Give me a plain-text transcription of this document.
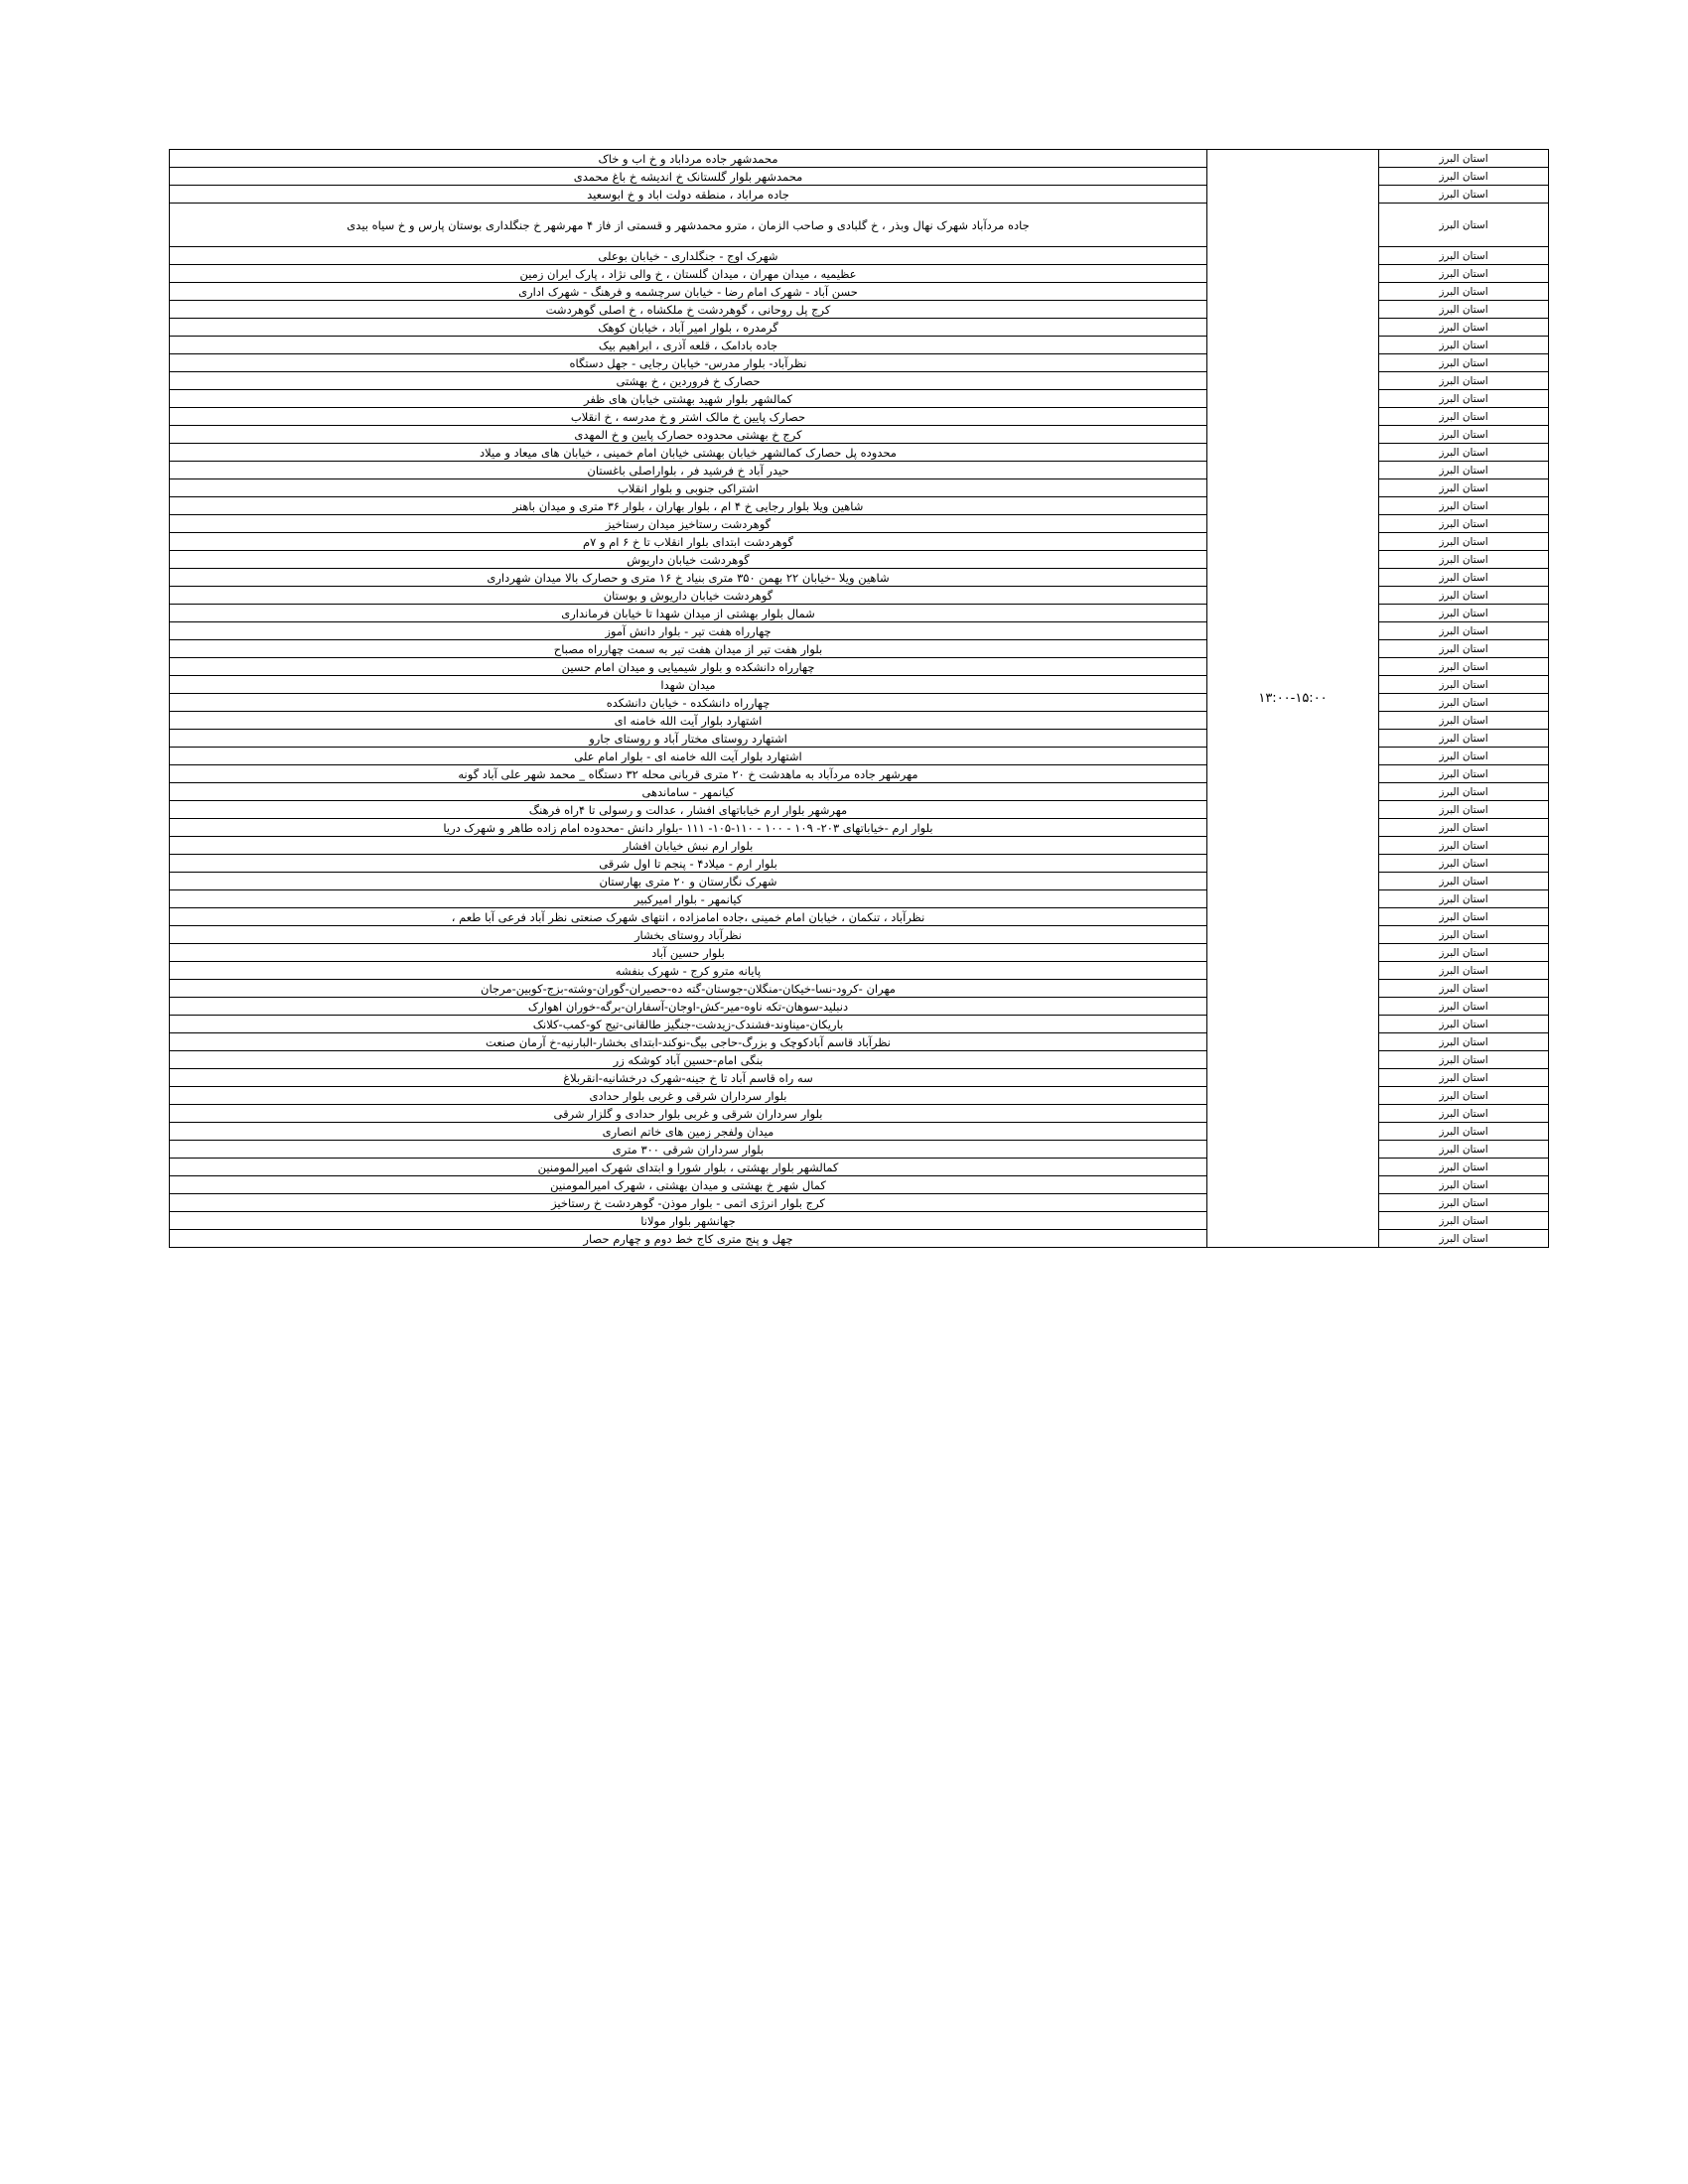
استان البرز	۱۳:۰۰-۱۵:۰۰	محمدشهر جاده مرداباد و خ اب و خاک
استان البرز		محمدشهر بلوار گلستانک خ اندیشه خ باغ محمدی
استان البرز		جاده مراباد ، منطقه دولت اباد و خ ابوسعید
استان البرز		جاده مردآباد شهرک نهال وبذر ، خ گلبادی و صاحب الزمان ، مترو محمدشهر و قسمتی از فاز ۴ مهرشهر خ جنگلداری بوستان پارس و خ سیاه بیدی
استان البرز		شهرک اوج - جنگلداری - خیابان بوعلی
استان البرز		عظیمیه ، میدان مهران ، میدان گلستان ، خ والی نژاد ، پارک ایران زمین
استان البرز		حسن آباد - شهرک امام رضا - خیابان سرچشمه و فرهنگ - شهرک اداری
استان البرز		کرج پل روحانی ، گوهردشت خ ملکشاه ، خ اصلی گوهردشت
استان البرز		گرمدره ، بلوار امیر آباد ، خیابان کوهک
استان البرز		جاده بادامک ، قلعه آذری ، ابراهیم بیک
استان البرز		نظرآباد- بلوار مدرس- خیابان رجایی - جهل دستگاه
استان البرز		حصارک خ فروردین ، خ بهشتی
استان البرز		کمالشهر بلوار شهید بهشتی خیابان های ظفر
استان البرز		حصارک پایین خ مالک اشتر و خ مدرسه ، خ انقلاب
استان البرز		کرج خ بهشتی محدوده حصارک پایین و خ المهدی
استان البرز		محدوده پل حصارک کمالشهر خیابان بهشتی خیابان امام خمینی ، خیابان های میعاد و میلاد
استان البرز		حیدر آباد خ فرشید فر ، بلواراصلی باغستان
استان البرز		اشتراکی جنوبی و بلوار انقلاب
استان البرز		شاهین ویلا بلوار رجایی خ ۴ ام ، بلوار بهاران ، بلوار ۳۶ متری و میدان باهنر
استان البرز		گوهردشت رستاخیز میدان رستاخیز
استان البرز		گوهردشت ابتدای بلوار انقلاب تا خ ۶ ام و ۷م
استان البرز		گوهردشت خیابان داریوش
استان البرز		شاهین ویلا -خیابان ۲۲ بهمن ۳۵۰ متری بنیاد خ ۱۶ متری و حصارک بالا میدان شهرداری
استان البرز		گوهردشت خیابان داریوش و بوستان
استان البرز		شمال بلوار بهشتی از میدان شهدا تا خیابان فرمانداری
استان البرز		چهارراه هفت تیر - بلوار دانش آموز
استان البرز		بلوار هفت تیر از میدان هفت تیر به سمت چهارراه مصباح
استان البرز		چهارراه دانشکده و بلوار شیمیایی و میدان امام حسین
استان البرز		میدان شهدا
استان البرز		چهارراه دانشکده - خیابان دانشکده
استان البرز		اشتهارد بلوار آیت الله خامنه ای
استان البرز		اشتهارد روستای مختار آباد و روستای جارو
استان البرز		اشتهارد بلوار آیت الله خامنه ای - بلوار امام علی
استان البرز		مهرشهر جاده مردآباد به ماهدشت خ ۲۰ متری قربانی محله ۳۲ دستگاه _ محمد شهر علی آباد گونه
استان البرز		کیانمهر - ساماندهی
استان البرز		مهرشهر بلوار ارم خیاباتهای افشار ، عدالت و رسولی تا ۴راه فرهنگ
استان البرز		بلوار ارم -خیاباتهای ۲۰۳- ۱۰۹ - ۱۰۰ - ۱۱۰-۱۰۵- ۱۱۱ -بلوار دانش -محدوده امام زاده طاهر و شهرک دریا
استان البرز		بلوار ارم نبش خیابان افشار
استان البرز		بلوار ارم - میلاد۴ - پنجم تا اول شرقی
استان البرز		شهرک نگارستان و ۲۰ متری بهارستان
استان البرز		کیانمهر - بلوار امیرکبیر
استان البرز		نظرآباد ، تنکمان ، خیابان امام خمینی ،جاده امامزاده ، انتهای شهرک صنعتی نظر آباد فرعی آبا طعم ،
استان البرز		نظرآباد روستای بخشار
استان البرز		بلوار حسین آباد
استان البرز		پایانه مترو کرج - شهرک بنفشه
استان البرز		مهران -کرود-نسا-خیکان-منگلان-جوستان-گته ده-حصیران-گوران-وشته-بزج-کوبین-مرجان
استان البرز		دنبلید-سوهان-تکه ناوه-میر-کش-اوجان-آسفاران-برگه-خوران اهوارک
استان البرز		باریکان-میناوند-فشندک-زیدشت-جنگیز طالقانی-تیج کو-کمب-کلانک
استان البرز		نظرآباد قاسم آبادکوچک و بزرگ-حاجی بیگ-نوکند-ابتدای بخشار-البارنیه-خ آرمان صنعت
استان البرز		بنگی امام-حسین آباد کوشکه زر
استان البرز		سه راه قاسم آباد تا خ جینه-شهرک درخشانیه-انقربلاغ
استان البرز		بلوار سرداران شرقی و غربی بلوار حدادی
استان البرز		بلوار سرداران شرقی و غربی بلوار حدادی و گلزار شرقی
استان البرز		میدان ولفجر زمین های خاتم انصاری
استان البرز		بلوار سرداران شرقی ۳۰۰ متری
استان البرز		کمالشهر بلوار بهشتی ، بلوار شورا و ابتدای شهرک امیرالمومنین
استان البرز		کمال شهر خ بهشتی و میدان بهشتی ، شهرک امیرالمومنین
استان البرز		کرج بلوار انرژی اتمی - بلوار موذن- گوهردشت خ رستاخیز
استان البرز		جهانشهر بلوار مولانا
استان البرز		چهل و پنج متری کاج خط دوم و چهارم حصار
